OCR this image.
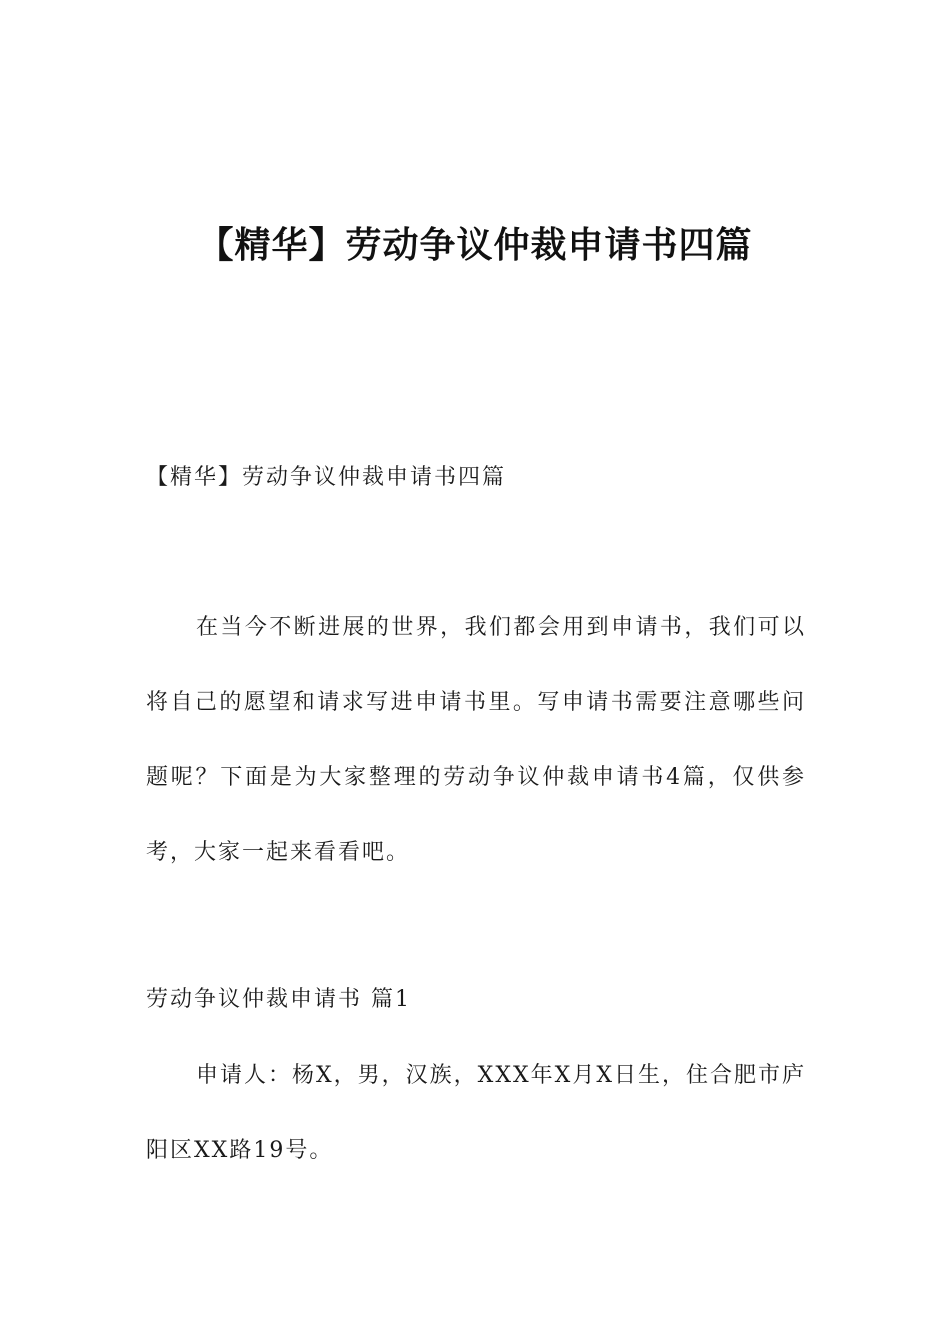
【精华】劳动争议仲裁申请书四篇

【精华】劳动争议仲裁申请书四篇

在当今不断进展的世界，我们都会用到申请书，我们可以将自己的愿望和请求写进申请书里。写申请书需要注意哪些问题呢？下面是为大家整理的劳动争议仲裁申请书4篇，仅供参考，大家一起来看看吧。

劳动争议仲裁申请书 篇1

申请人：杨X，男，汉族，XXX年X月X日生，住合肥市庐阳区XX路19号。
